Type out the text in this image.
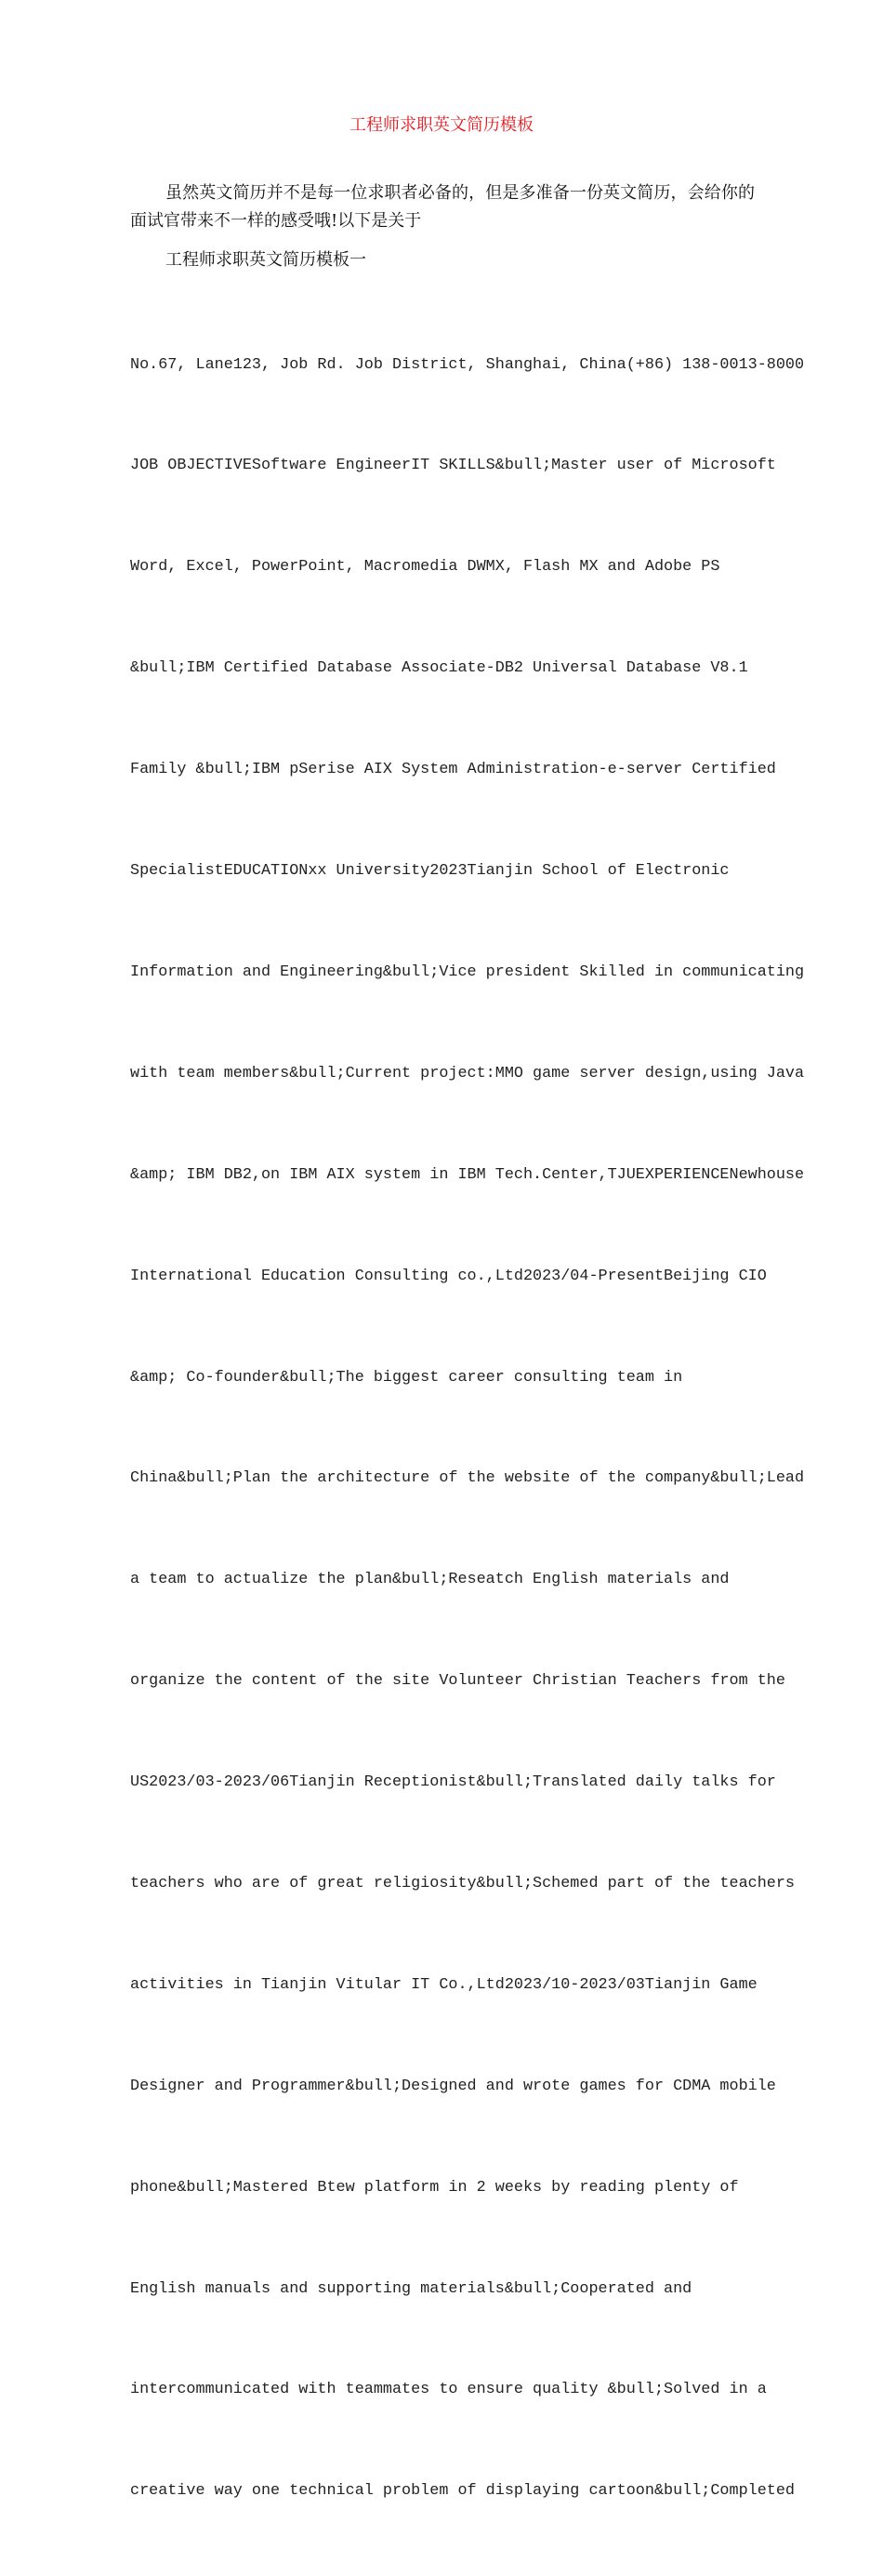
工程师求职英文简历模板
虽然英文简历并不是每一位求职者必备的，但是多准备一份英文简历，会给你的面试官带来不一样的感受哦!以下是关于
工程师求职英文简历模板一

No.67, Lane123, Job Rd. Job District, Shanghai, China(+86) 138-0013-8000

JOB OBJECTIVESoftware EngineerIT SKILLS&bull;Master user of Microsoft

Word, Excel, PowerPoint, Macromedia DWMX, Flash MX and Adobe PS

&bull;IBM Certified Database Associate-DB2 Universal Database V8.1

Family &bull;IBM pSerise AIX System Administration-e-server Certified

SpecialistEDUCATIONxx University2023Tianjin School of Electronic

Information and Engineering&bull;Vice president Skilled in communicating

with team members&bull;Current project:MMO game server design,using Java

&amp; IBM DB2,on IBM AIX system in IBM Tech.Center,TJUEXPERIENCENewhouse

International Education Consulting co.,Ltd2023/04-PresentBeijing CIO

&amp; Co-founder&bull;The biggest career consulting team in

China&bull;Plan the architecture of the website of the company&bull;Lead

a team to actualize the plan&bull;Reseatch English materials and

organize the content of the site Volunteer Christian Teachers from the

US2023/03-2023/06Tianjin Receptionist&bull;Translated daily talks for

teachers who are of great religiosity&bull;Schemed part of the teachers

activities in Tianjin Vitular IT Co.,Ltd2023/10-2023/03Tianjin Game

Designer and Programmer&bull;Designed and wrote games for CDMA mobile

phone&bull;Mastered Btew platform in 2 weeks by reading plenty of

English manuals and supporting materials&bull;Cooperated and

intercommunicated with teammates to ensure quality &bull;Solved in a

creative way one technical problem of displaying cartoon&bull;Completed
